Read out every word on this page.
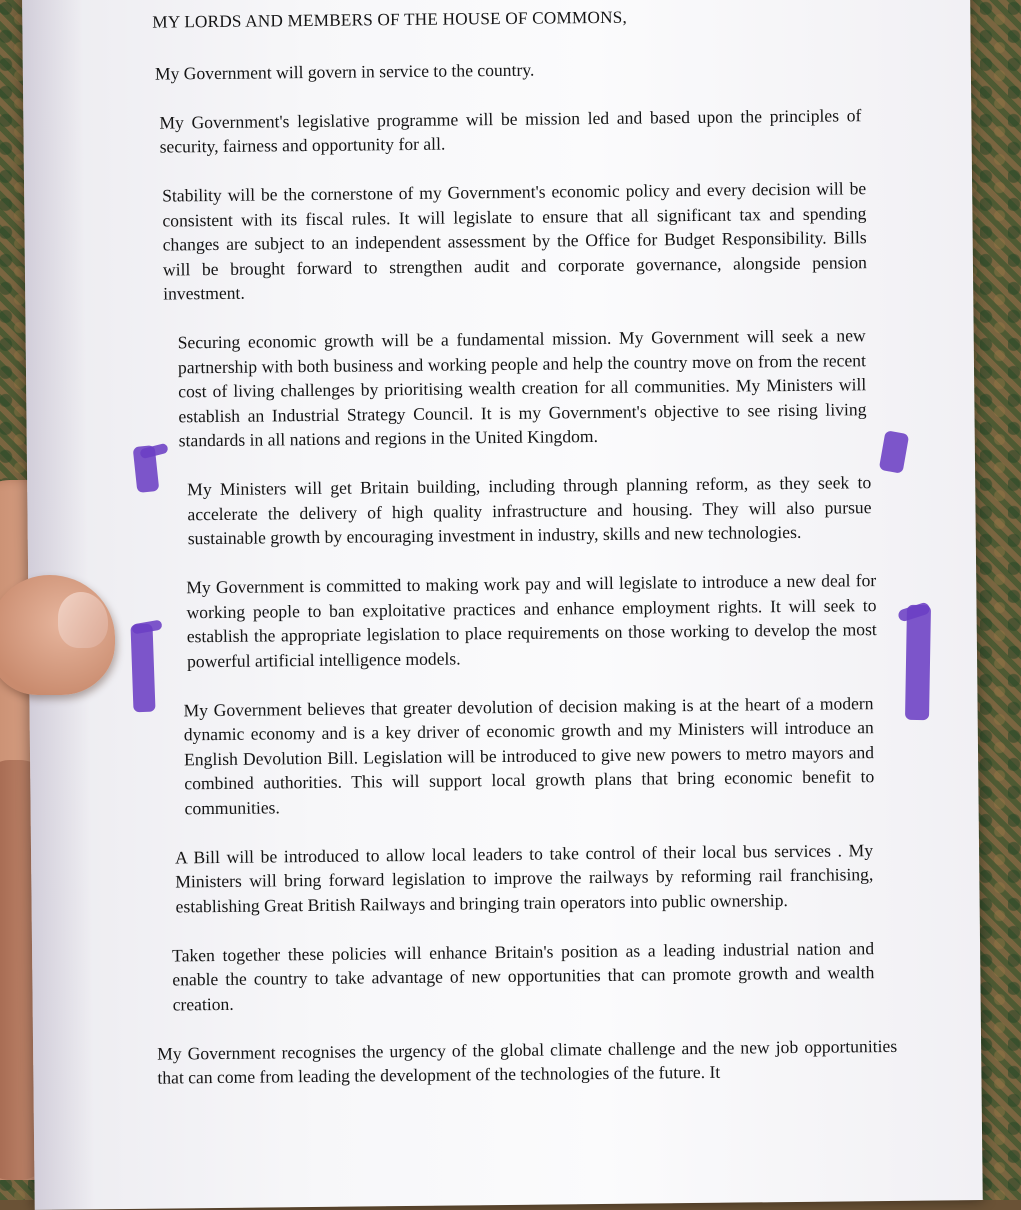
MY LORDS AND MEMBERS OF THE HOUSE OF COMMONS,

My Government will govern in service to the country.

My Government's legislative programme will be mission led and based upon the principles of security, fairness and opportunity for all.

Stability will be the cornerstone of my Government's economic policy and every decision will be consistent with its fiscal rules. It will legislate to ensure that all significant tax and spending changes are subject to an independent assessment by the Office for Budget Responsibility. Bills will be brought forward to strengthen audit and corporate governance, alongside pension investment.

Securing economic growth will be a fundamental mission. My Government will seek a new partnership with both business and working people and help the country move on from the recent cost of living challenges by prioritising wealth creation for all communities. My Ministers will establish an Industrial Strategy Council. It is my Government's objective to see rising living standards in all nations and regions in the United Kingdom.

My Ministers will get Britain building, including through planning reform, as they seek to accelerate the delivery of high quality infrastructure and housing. They will also pursue sustainable growth by encouraging investment in industry, skills and new technologies.

My Government is committed to making work pay and will legislate to introduce a new deal for working people to ban exploitative practices and enhance employment rights. It will seek to establish the appropriate legislation to place requirements on those working to develop the most powerful artificial intelligence models.

My Government believes that greater devolution of decision making is at the heart of a modern dynamic economy and is a key driver of economic growth and my Ministers will introduce an English Devolution Bill. Legislation will be introduced to give new powers to metro mayors and combined authorities. This will support local growth plans that bring economic benefit to communities.

A Bill will be introduced to allow local leaders to take control of their local bus services . My Ministers will bring forward legislation to improve the railways by reforming rail franchising, establishing Great British Railways and bringing train operators into public ownership.

Taken together these policies will enhance Britain's position as a leading industrial nation and enable the country to take advantage of new opportunities that can promote growth and wealth creation.

My Government recognises the urgency of the global climate challenge and the new job opportunities that can come from leading the development of the technologies of the future. It
